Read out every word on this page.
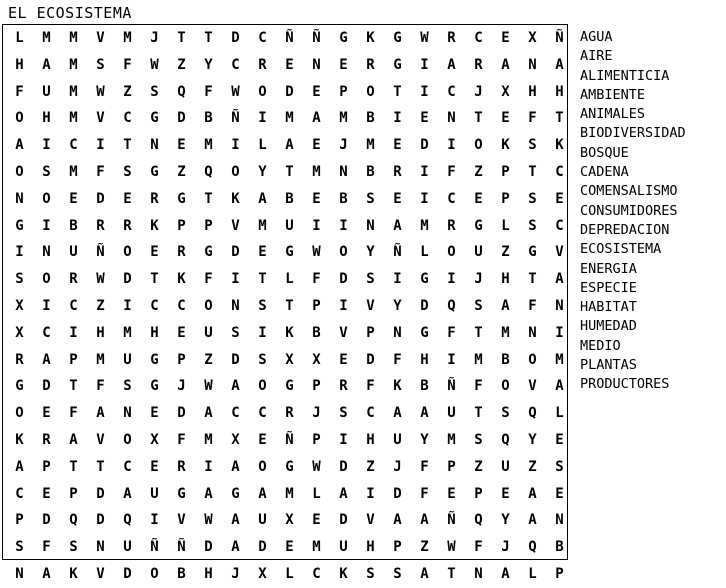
EL ECOSISTEMA
L	M	M	V	M	J	T	T	D	C	Ñ	Ñ	G	K	G	W	R	C	E	X	Ñ
H	A	M	S	F	W	Z	Y	C	R	E	N	E	R	G	I	A	R	A	N	A
F	U	M	W	Z	S	Q	F	W	O	D	E	P	O	T	I	C	J	X	H	H
O	H	M	V	C	G	D	B	Ñ	I	M	A	M	B	I	E	N	T	E	F	T
A	I	C	I	T	N	E	M	I	L	A	E	J	M	E	D	I	O	K	S	K
O	S	M	F	S	G	Z	Q	O	Y	T	M	N	B	R	I	F	Z	P	T	C
N	O	E	D	E	R	G	T	K	A	B	E	B	S	E	I	C	E	P	S	E
G	I	B	R	R	K	P	P	V	M	U	I	I	N	A	M	R	G	L	S	C
I	N	U	Ñ	O	E	R	G	D	E	G	W	O	Y	Ñ	L	O	U	Z	G	V
S	O	R	W	D	T	K	F	I	T	L	F	D	S	I	G	I	J	H	T	A
X	I	C	Z	I	C	C	O	N	S	T	P	I	V	Y	D	Q	S	A	F	N
X	C	I	H	M	H	E	U	S	I	K	B	V	P	N	G	F	T	M	N	I
R	A	P	M	U	G	P	Z	D	S	X	X	E	D	F	H	I	M	B	O	M
G	D	T	F	S	G	J	W	A	O	G	P	R	F	K	B	Ñ	F	O	V	A
O	E	F	A	N	E	D	A	C	C	R	J	S	C	A	A	U	T	S	Q	L
K	R	A	V	O	X	F	M	X	E	Ñ	P	I	H	U	Y	M	S	Q	Y	E
A	P	T	T	C	E	R	I	A	O	G	W	D	Z	J	F	P	Z	U	Z	S
C	E	P	D	A	U	G	A	G	A	M	L	A	I	D	F	E	P	E	A	E
P	D	Q	D	Q	I	V	W	A	U	X	E	D	V	A	A	Ñ	Q	Y	A	N
S	F	S	N	U	Ñ	Ñ	D	A	D	E	M	U	H	P	Z	W	F	J	Q	B
N	A	K	V	D	O	B	H	J	X	L	C	K	S	S	A	T	N	A	L	P
AGUA
AIRE
ALIMENTICIA
AMBIENTE
ANIMALES
BIODIVERSIDAD
BOSQUE
CADENA
COMENSALISMO
CONSUMIDORES
DEPREDACION
ECOSISTEMA
ENERGIA
ESPECIE
HABITAT
HUMEDAD
MEDIO
PLANTAS
PRODUCTORES
